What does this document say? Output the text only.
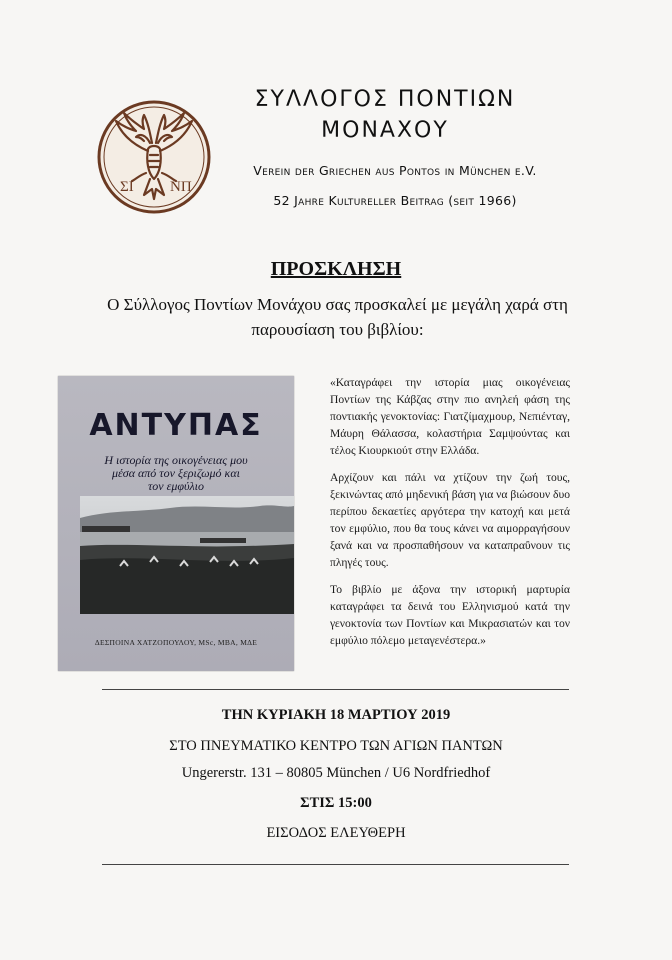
ΣΙ ΝΠ
ΣΥΛΛΟΓΟΣ ΠΟΝΤΙΩΝ
ΜΟΝΑΧΟΥ
Verein der Griechen aus Pontos in München e.V.
52 Jahre Kultureller Beitrag (seit 1966)
ΠΡΟΣΚΛΗΣΗ
Ο Σύλλογος Ποντίων Μονάχου σας προσκαλεί με μεγάλη χαρά στη
παρουσίαση του βιβλίου:
ΑΝΤΥΠΑΣ
Η ιστορία της οικογένειας μου
μέσα από τον ξεριζωμό και
τον εμφύλιο
ΔΕΣΠΟΙΝΑ ΧΑΤΖΟΠΟΥΛΟΥ, MSc, MBA, ΜΔΕ

«Καταγράφει την ιστορία μιας οικογένειας Ποντίων της Κάβζας στην πιο ανηλεή φάση της ποντιακής γενοκτονίας: Γιατζίμαχμουρ, Νεπιένταγ, Μάυρη Θάλασσα, κολαστήρια Σαμψούντας και τέλος Κιουρκιούτ στην Ελλάδα.

Αρχίζουν και πάλι να χτίζουν την ζωή τους, ξεκινώντας από μηδενική βάση για να βιώσουν δυο περίπου δεκαετίες αργότερα την κατοχή και μετά τον εμφύλιο, που θα τους κάνει να αιμορραγήσουν ξανά και να προσπαθήσουν να καταπραΰνουν τις πληγές τους.

Το βιβλίο με άξονα την ιστορική μαρτυρία καταγράφει τα δεινά του Ελληνισμού κατά την γενοκτονία των Ποντίων και Μικρασιατών και τον εμφύλιο πόλεμο μεταγενέστερα.»

ΤΗΝ ΚΥΡΙΑΚΗ 18 ΜΑΡΤΙΟΥ 2019
ΣΤΟ ΠΝΕΥΜΑΤΙΚΟ ΚΕΝΤΡΟ ΤΩΝ ΑΓΙΩΝ ΠΑΝΤΩΝ
Ungererstr. 131 – 80805 München / U6 Nordfriedhof
ΣΤΙΣ 15:00
ΕΙΣΟΔΟΣ ΕΛΕΥΘΕΡΗ
